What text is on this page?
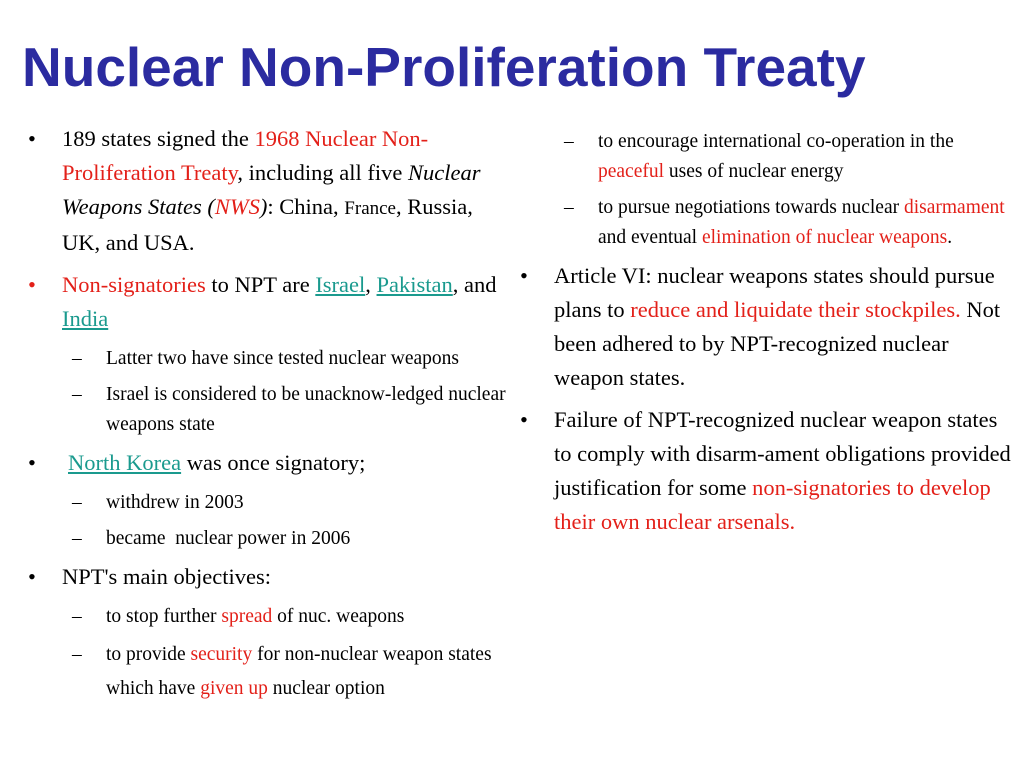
Nuclear Non-Proliferation Treaty
• 189 states signed the 1968 Nuclear Non-Proliferation Treaty, including all five Nuclear Weapons States (NWS): China, France, Russia, UK, and USA.
• Non-signatories to NPT are Israel, Pakistan, and India
– Latter two have since tested nuclear weapons
– Israel is considered to be unacknow-ledged nuclear weapons state
• North Korea was once signatory;
– withdrew in 2003
– became  nuclear power in 2006
• NPT's main objectives:
– to stop further spread of nuc. weapons
– to provide security for non-nuclear weapon states which have given up nuclear option
– to encourage international co-operation in the peaceful uses of nuclear energy
– to pursue negotiations towards nuclear disarmament and eventual elimination of nuclear weapons.
• Article VI: nuclear weapons states should pursue plans to reduce and liquidate their stockpiles. Not been adhered to by NPT-recognized nuclear weapon states.
• Failure of NPT-recognized nuclear weapon states to comply with disarm-ament obligations provided justification for some non-signatories to develop their own nuclear arsenals.
